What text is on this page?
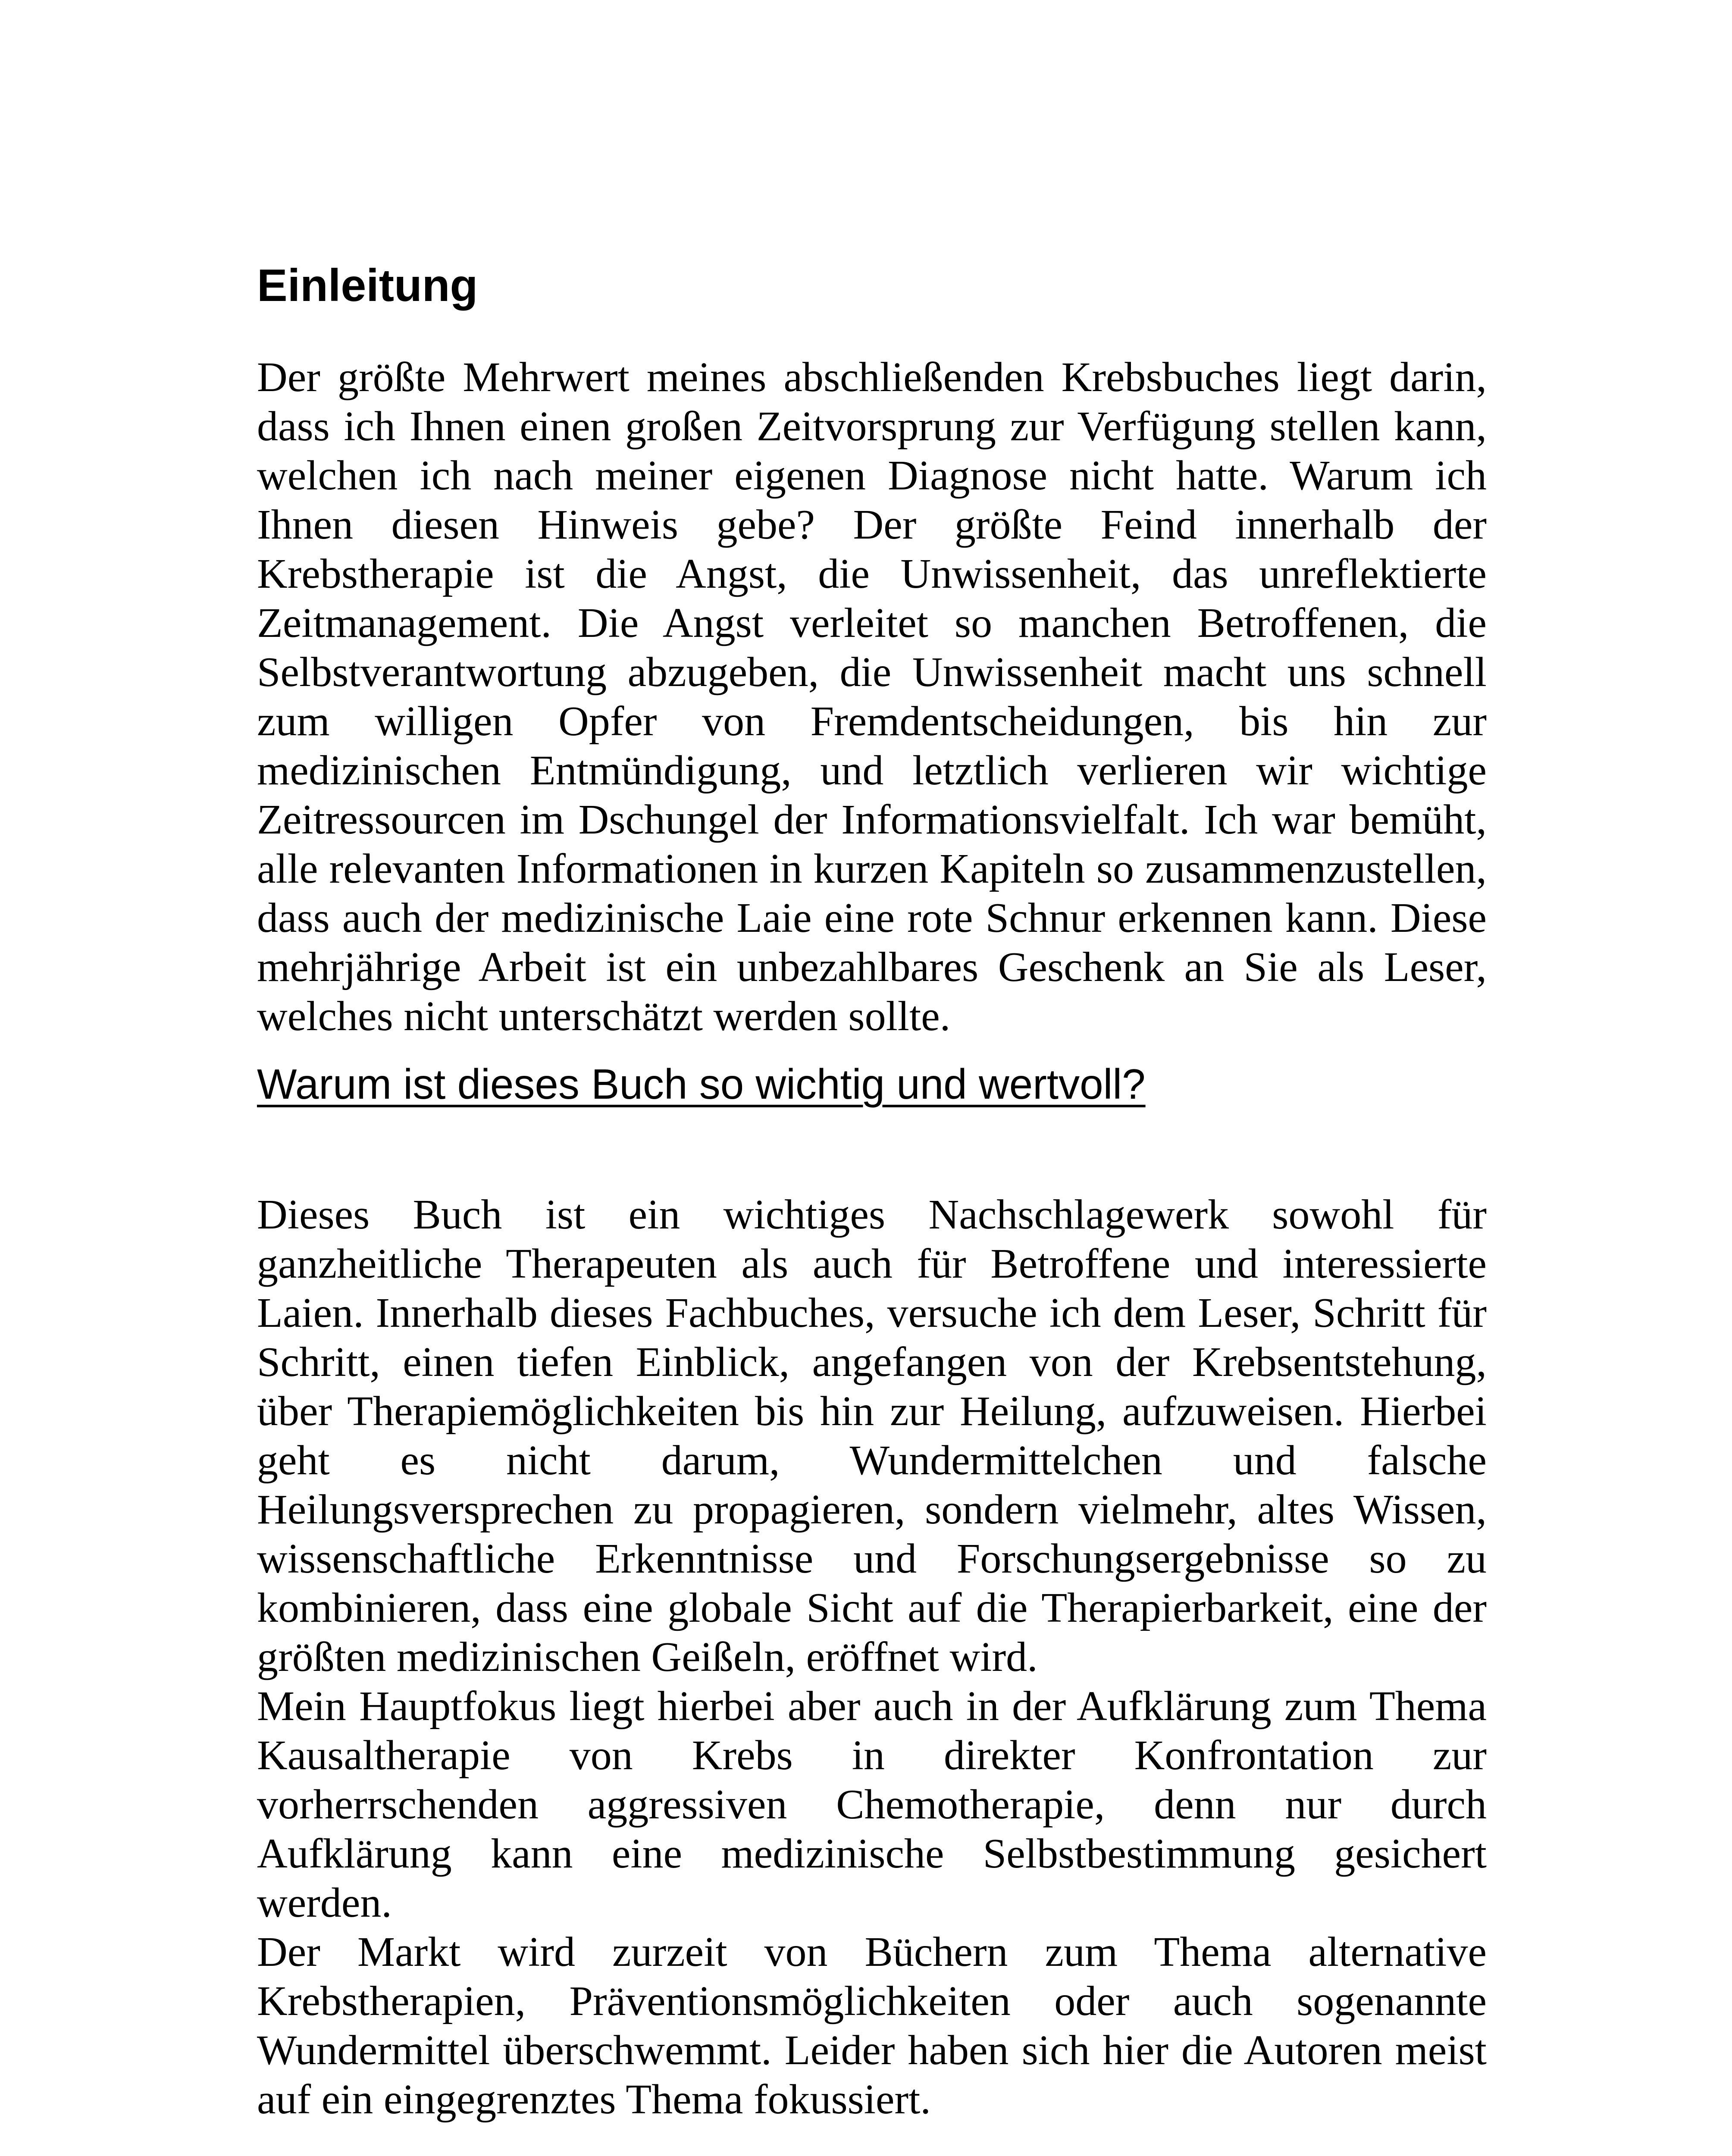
Einleitung

Der größte Mehrwert meines abschließenden Krebsbuches liegt darin, dass ich Ihnen einen großen Zeitvorsprung zur Verfügung stellen kann, welchen ich nach meiner eigenen Diagnose nicht hatte. Warum ich Ihnen diesen Hinweis gebe? Der größte Feind innerhalb der Krebstherapie ist die Angst, die Unwissenheit, das unreflektierte Zeitmanagement. Die Angst verleitet so manchen Betroffenen, die Selbstverantwortung abzugeben, die Unwissenheit macht uns schnell zum willigen Opfer von Fremdentscheidungen, bis hin zur medizinischen Entmündigung, und letztlich verlieren wir wichtige Zeitressourcen im Dschungel der Informationsvielfalt. Ich war bemüht, alle relevanten Informationen in kurzen Kapiteln so zusammenzustellen, dass auch der medizinische Laie eine rote Schnur erkennen kann. Diese mehrjährige Arbeit ist ein unbezahlbares Geschenk an Sie als Leser, welches nicht unterschätzt werden sollte.

Warum ist dieses Buch so wichtig und wertvoll?

Dieses Buch ist ein wichtiges Nachschlagewerk sowohl für ganzheitliche Therapeuten als auch für Betroffene und interessierte Laien. Innerhalb dieses Fachbuches, versuche ich dem Leser, Schritt für Schritt, einen tiefen Einblick, angefangen von der Krebsentstehung, über Therapiemöglichkeiten bis hin zur Heilung, aufzuweisen. Hierbei geht es nicht darum, Wundermittelchen und falsche Heilungsversprechen zu propagieren, sondern vielmehr, altes Wissen, wissenschaftliche Erkenntnisse und Forschungsergebnisse so zu kombinieren, dass eine globale Sicht auf die Therapierbarkeit, eine der größten medizinischen Geißeln, eröffnet wird.

Mein Hauptfokus liegt hierbei aber auch in der Aufklärung zum Thema Kausaltherapie von Krebs in direkter Konfrontation zur vorherrschenden aggressiven Chemotherapie, denn nur durch Aufklärung kann eine medizinische Selbstbestimmung gesichert werden.

Der Markt wird zurzeit von Büchern zum Thema alternative Krebstherapien, Präventionsmöglichkeiten oder auch sogenannte Wundermittel überschwemmt. Leider haben sich hier die Autoren meist auf ein eingegrenztes Thema fokussiert.
